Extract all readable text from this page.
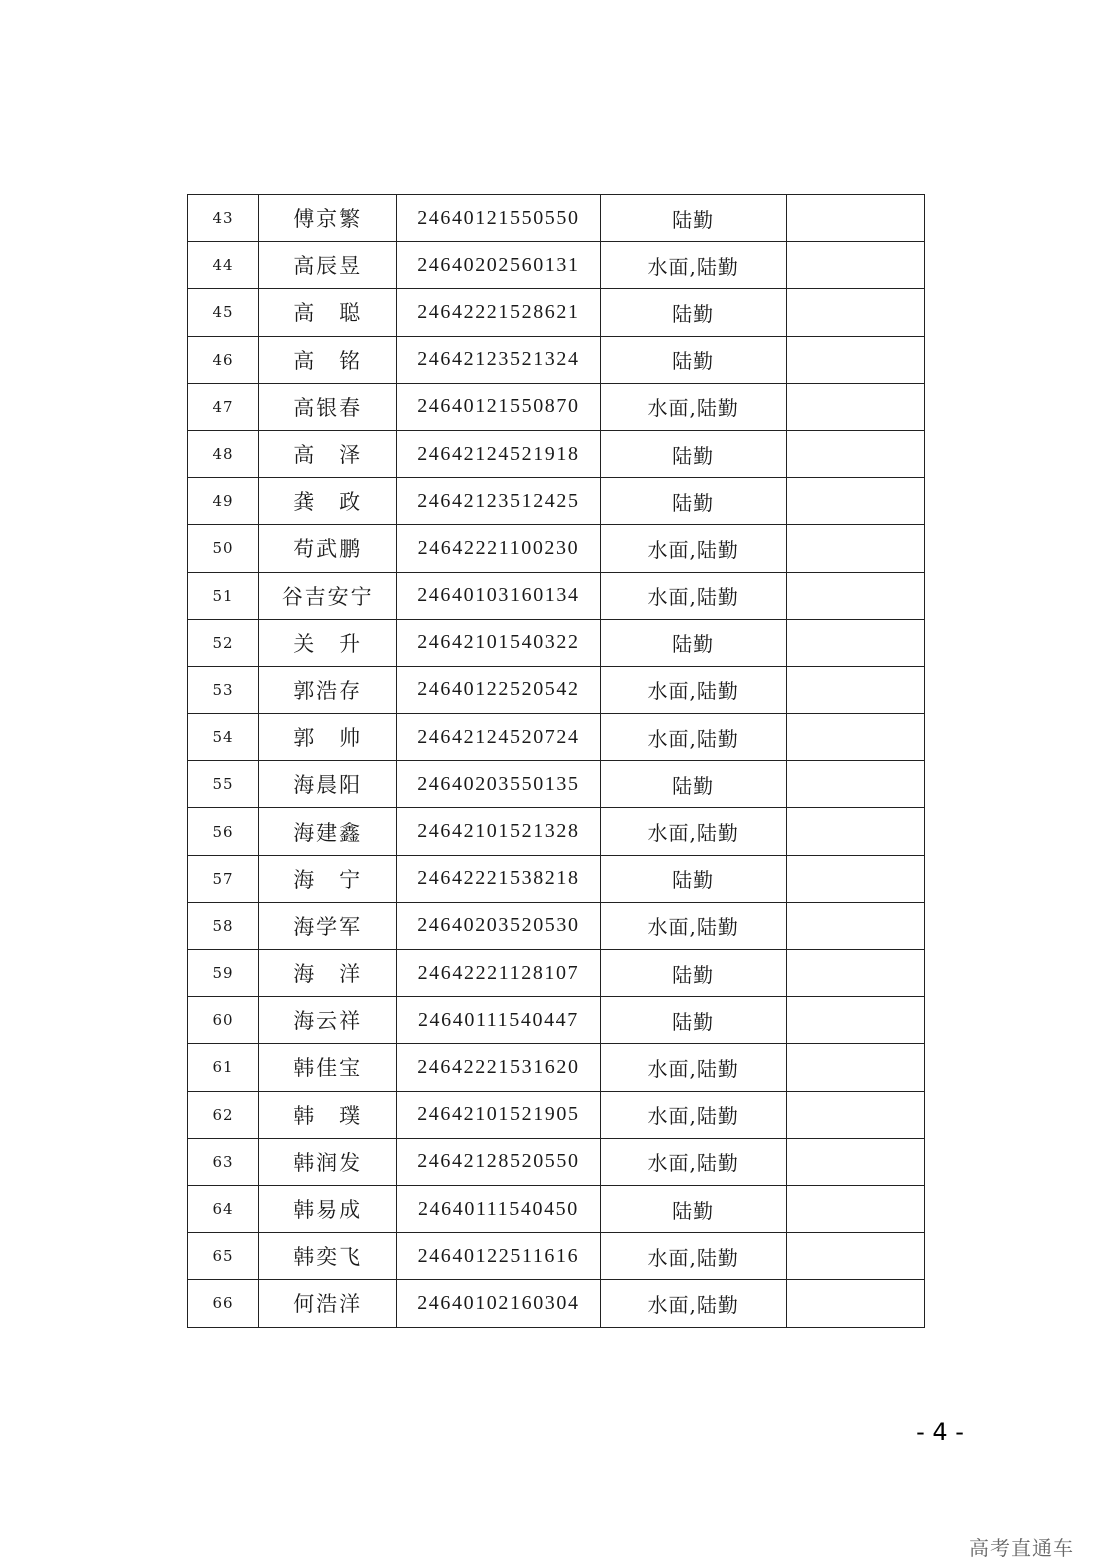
43	傅京繁	24640121550550	陆勤	
44	高辰昱	24640202560131	水面,陆勤	
45	高　聪	24642221528621	陆勤	
46	高　铭	24642123521324	陆勤	
47	高银春	24640121550870	水面,陆勤	
48	高　泽	24642124521918	陆勤	
49	龚　政	24642123512425	陆勤	
50	苟武鹏	24642221100230	水面,陆勤	
51	谷吉安宁	24640103160134	水面,陆勤	
52	关　升	24642101540322	陆勤	
53	郭浩存	24640122520542	水面,陆勤	
54	郭　帅	24642124520724	水面,陆勤	
55	海晨阳	24640203550135	陆勤	
56	海建鑫	24642101521328	水面,陆勤	
57	海　宁	24642221538218	陆勤	
58	海学军	24640203520530	水面,陆勤	
59	海　洋	24642221128107	陆勤	
60	海云祥	24640111540447	陆勤	
61	韩佳宝	24642221531620	水面,陆勤	
62	韩　璞	24642101521905	水面,陆勤	
63	韩润发	24642128520550	水面,陆勤	
64	韩易成	24640111540450	陆勤	
65	韩奕飞	24640122511616	水面,陆勤	
66	何浩洋	24640102160304	水面,陆勤	
- 4 -
高考直通车
